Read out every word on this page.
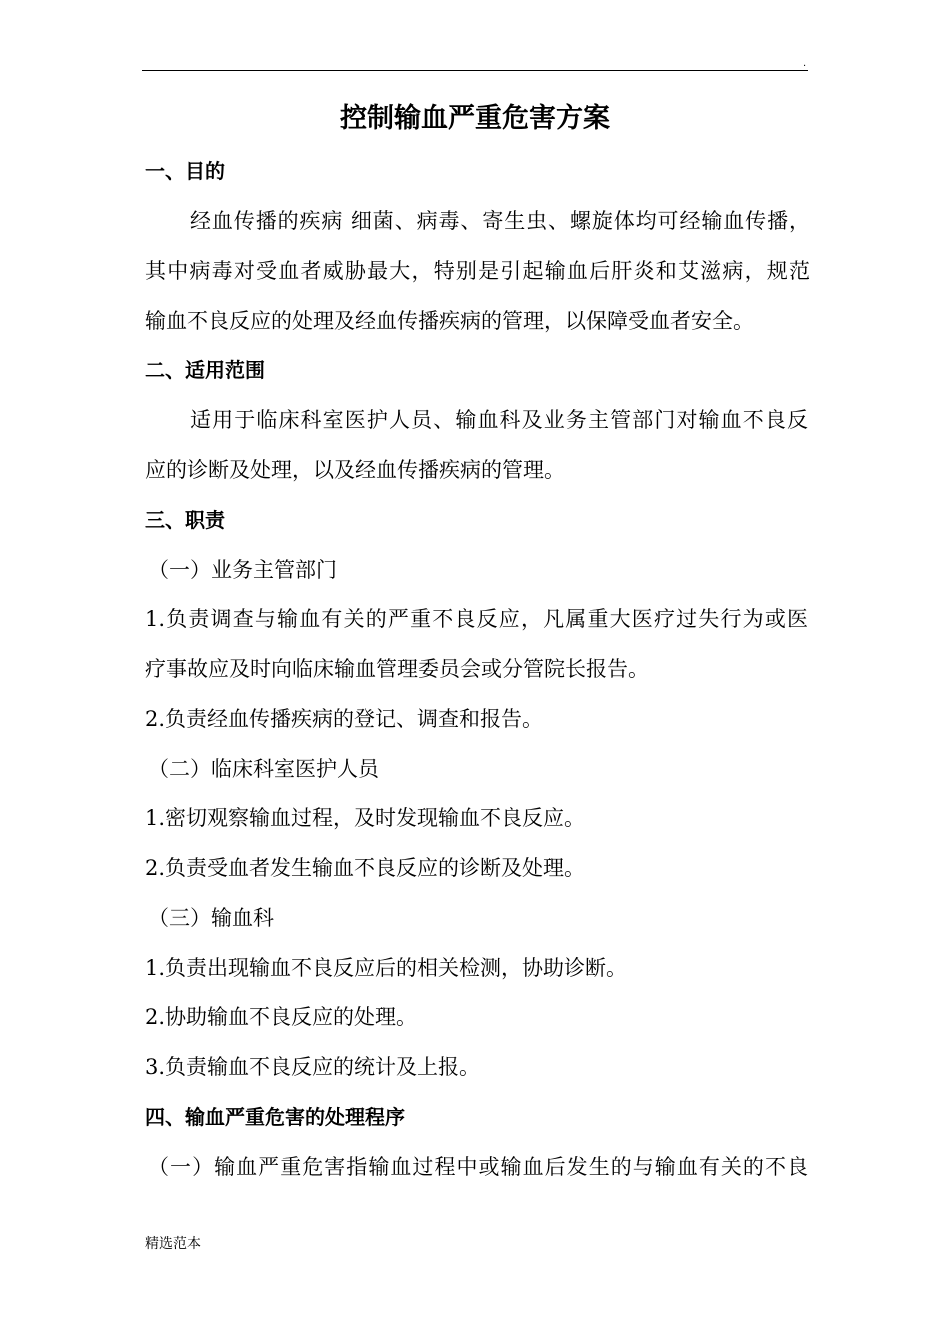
.
控制输血严重危害方案

一、目的

经血传播的疾病 细菌、病毒、寄生虫、螺旋体均可经输血传播，

其中病毒对受血者威胁最大，特别是引起输血后肝炎和艾滋病，规范

输血不良反应的处理及经血传播疾病的管理，以保障受血者安全。

二、适用范围

适用于临床科室医护人员、输血科及业务主管部门对输血不良反

应的诊断及处理，以及经血传播疾病的管理。

三、职责

（一）业务主管部门

1.负责调查与输血有关的严重不良反应，凡属重大医疗过失行为或医

疗事故应及时向临床输血管理委员会或分管院长报告。

2.负责经血传播疾病的登记、调查和报告。

（二）临床科室医护人员

1.密切观察输血过程，及时发现输血不良反应。

2.负责受血者发生输血不良反应的诊断及处理。

（三）输血科

1.负责出现输血不良反应后的相关检测，协助诊断。

2.协助输血不良反应的处理。

3.负责输血不良反应的统计及上报。

四、输血严重危害的处理程序

（一）输血严重危害指输血过程中或输血后发生的与输血有关的不良

精选范本
